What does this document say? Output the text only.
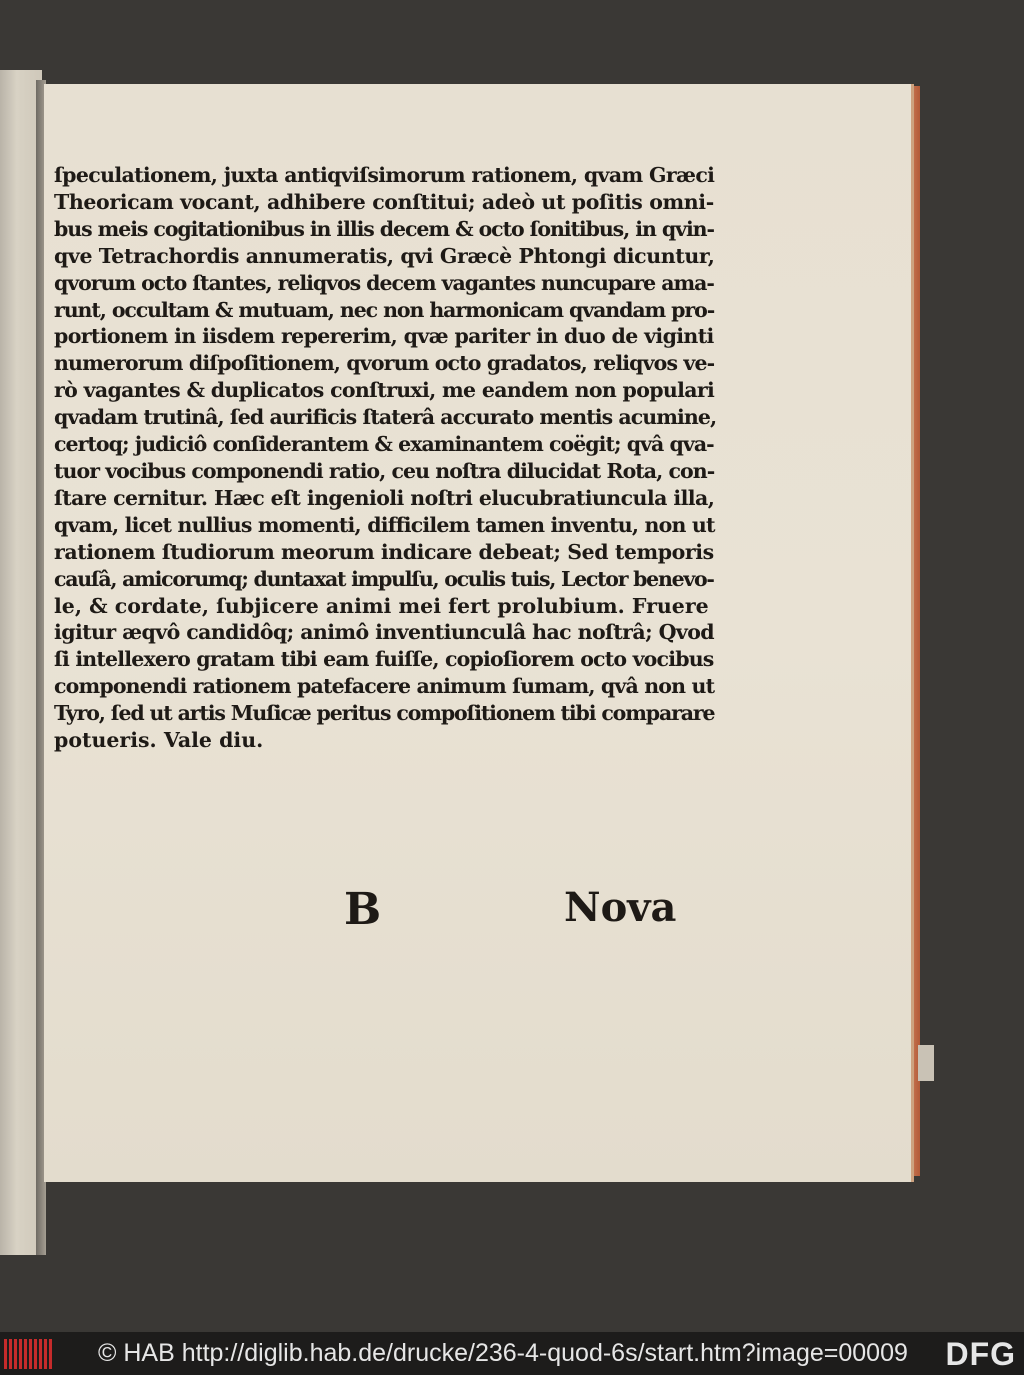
ſpeculationem, juxta antiqviſsimorum rationem, qvam Græci
Theoricam vocant, adhibere conſtitui; adeò ut poſitis omni-
bus meis cogitationibus in illis decem & octo ſonitibus, in qvin-
qve Tetrachordis annumeratis, qvi Græcè Phtongi dicuntur,
qvorum octo ſtantes, reliqvos decem vagantes nuncupare ama-
runt, occultam & mutuam, nec non harmonicam qvandam pro-
portionem in iisdem repererim, qvæ pariter in duo de viginti
numerorum diſpoſitionem, qvorum octo gradatos, reliqvos ve-
rò vagantes & duplicatos conſtruxi, me eandem non populari
qvadam trutinâ, ſed aurificis ſtaterâ accurato mentis acumine,
certoq; judiciô conſiderantem & examinantem coëgit; qvâ qva-
tuor vocibus componendi ratio, ceu noſtra dilucidat Rota, con-
ſtare cernitur. Hæc eſt ingenioli noſtri elucubratiuncula illa,
qvam, licet nullius momenti, difficilem tamen inventu, non ut
rationem ſtudiorum meorum indicare debeat; Sed temporis
cauſâ, amicorumq; duntaxat impulſu, oculis tuis, Lector benevo-
le, & cordate, ſubjicere animi mei fert prolubium. Fruere
igitur æqvô candidôq; animô inventiunculâ hac noſtrâ; Qvod
ſi intellexero gratam tibi eam fuiſſe, copioſiorem octo vocibus
componendi rationem patefacere animum ſumam, qvâ non ut
Tyro, ſed ut artis Muſicæ peritus compoſitionem tibi comparare
potueris. Vale diu.
B	Nova
© HAB http://diglib.hab.de/drucke/236-4-quod-6s/start.htm?image=00009 DFG
